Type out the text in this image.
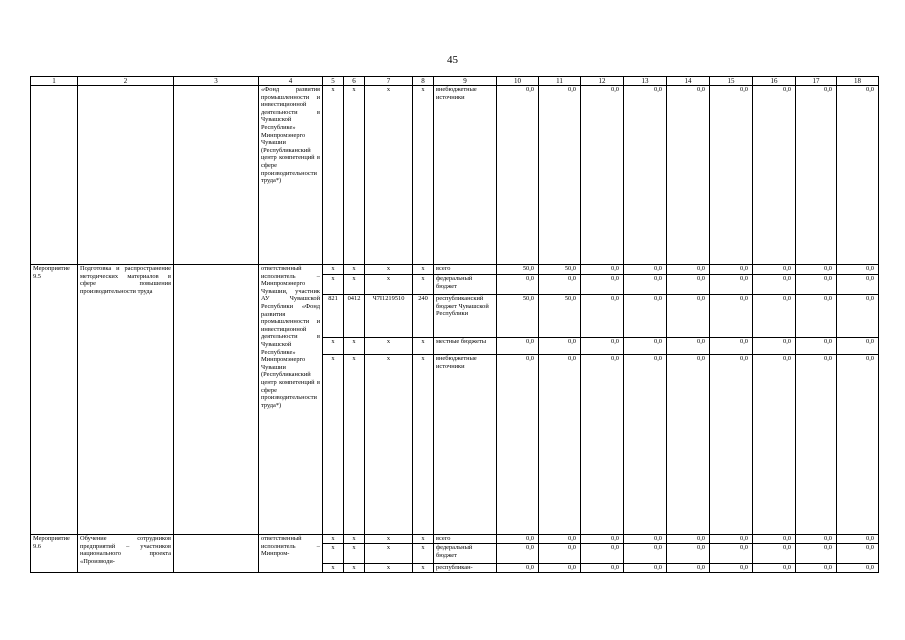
45
1	2	3	4	5	6	7	8	9	10	11	12	13	14	15	16	17	18
			«Фонд развития промышленности и инвестиционной деятельности в Чувашской Республике» Минпромэнерго Чувашии (Республиканский центр компетенций в сфере производительности труда*)	x	x	x	x	внебюджетные источники	0,0	0,0	0,0	0,0	0,0	0,0	0,0	0,0	0,0
Мероприятие 9.5	Подготовка и распространение методических материалов в сфере повышения производительности труда		ответственный исполнитель – Минпромэнерго Чувашии, участник АУ Чувашской Республики «Фонд развития промышленности и инвестиционной деятельности в Чувашской Республике» Минпромэнерго Чувашии (Республиканский центр компетенций в сфере производительности труда*)	x	x	x	x	всего	50,0	50,0	0,0	0,0	0,0	0,0	0,0	0,0	0,0
				x	x	x	x	федеральный бюджет	0,0	0,0	0,0	0,0	0,0	0,0	0,0	0,0	0,0
				821	0412	Ч7I1219510	240	республиканский бюджет Чувашской Республики	50,0	50,0	0,0	0,0	0,0	0,0	0,0	0,0	0,0
				x	x	x	x	местные бюджеты	0,0	0,0	0,0	0,0	0,0	0,0	0,0	0,0	0,0
				x	x	x	x	внебюджетные источники	0,0	0,0	0,0	0,0	0,0	0,0	0,0	0,0	0,0
Мероприятие 9.6	Обучение сотрудников предприятий – участников национального проекта «Производи-		ответственный исполнитель – Минпром-	x	x	x	x	всего	0,0	0,0	0,0	0,0	0,0	0,0	0,0	0,0	0,0
				x	x	x	x	федеральный бюджет	0,0	0,0	0,0	0,0	0,0	0,0	0,0	0,0	0,0
				x	x	x	x	республикан-	0,0	0,0	0,0	0,0	0,0	0,0	0,0	0,0	0,0
